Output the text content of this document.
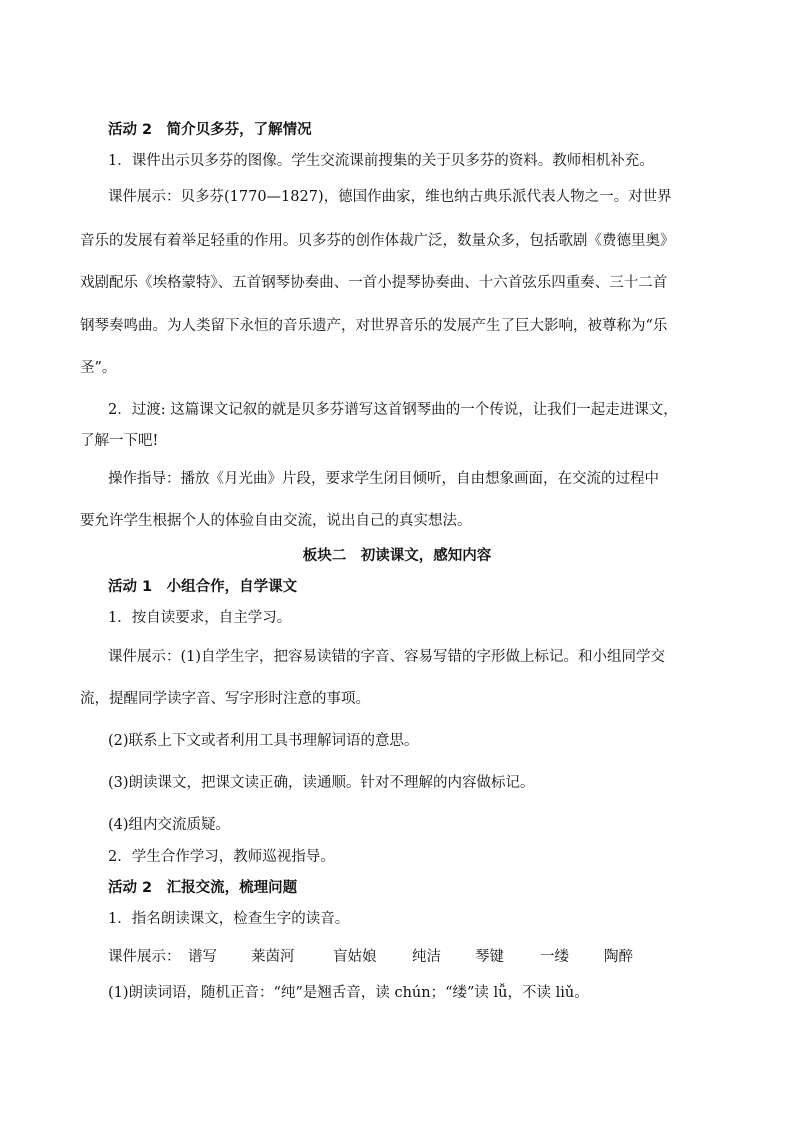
活动 2　简介贝多芬，了解情况
1．课件出示贝多芬的图像。学生交流课前搜集的关于贝多芬的资料。教师相机补充。
课件展示：贝多芬(1770—1827)，德国作曲家，维也纳古典乐派代表人物之一。对世界
音乐的发展有着举足轻重的作用。贝多芬的创作体裁广泛，数量众多，包括歌剧《费德里奥》
戏剧配乐《埃格蒙特》、五首钢琴协奏曲、一首小提琴协奏曲、十六首弦乐四重奏、三十二首
钢琴奏鸣曲。为人类留下永恒的音乐遗产，对世界音乐的发展产生了巨大影响，被尊称为“乐
圣”。
2．过渡: 这篇课文记叙的就是贝多芬谱写这首钢琴曲的一个传说，让我们一起走进课文，
了解一下吧!
操作指导：播放《月光曲》片段，要求学生闭目倾听，自由想象画面，在交流的过程中
要允许学生根据个人的体验自由交流，说出自己的真实想法。
板块二　初读课文，感知内容
活动 1　小组合作，自学课文
1．按自读要求，自主学习。
课件展示：(1)自学生字，把容易读错的字音、容易写错的字形做上标记。和小组同学交
流，提醒同学读字音、写字形时注意的事项。
(2)联系上下文或者利用工具书理解词语的意思。
(3)朗读课文，把课文读正确，读通顺。针对不理解的内容做标记。
(4)组内交流质疑。
2．学生合作学习，教师巡视指导。
活动 2　汇报交流，梳理问题
1．指名朗读课文，检查生字的读音。
课件展示： 谱写 莱茵河	盲姑娘 纯洁 琴键 一缕 陶醉
(1)朗读词语，随机正音：“纯”是翘舌音，读 chún；“缕”读 lǚ，不读 liǔ。
